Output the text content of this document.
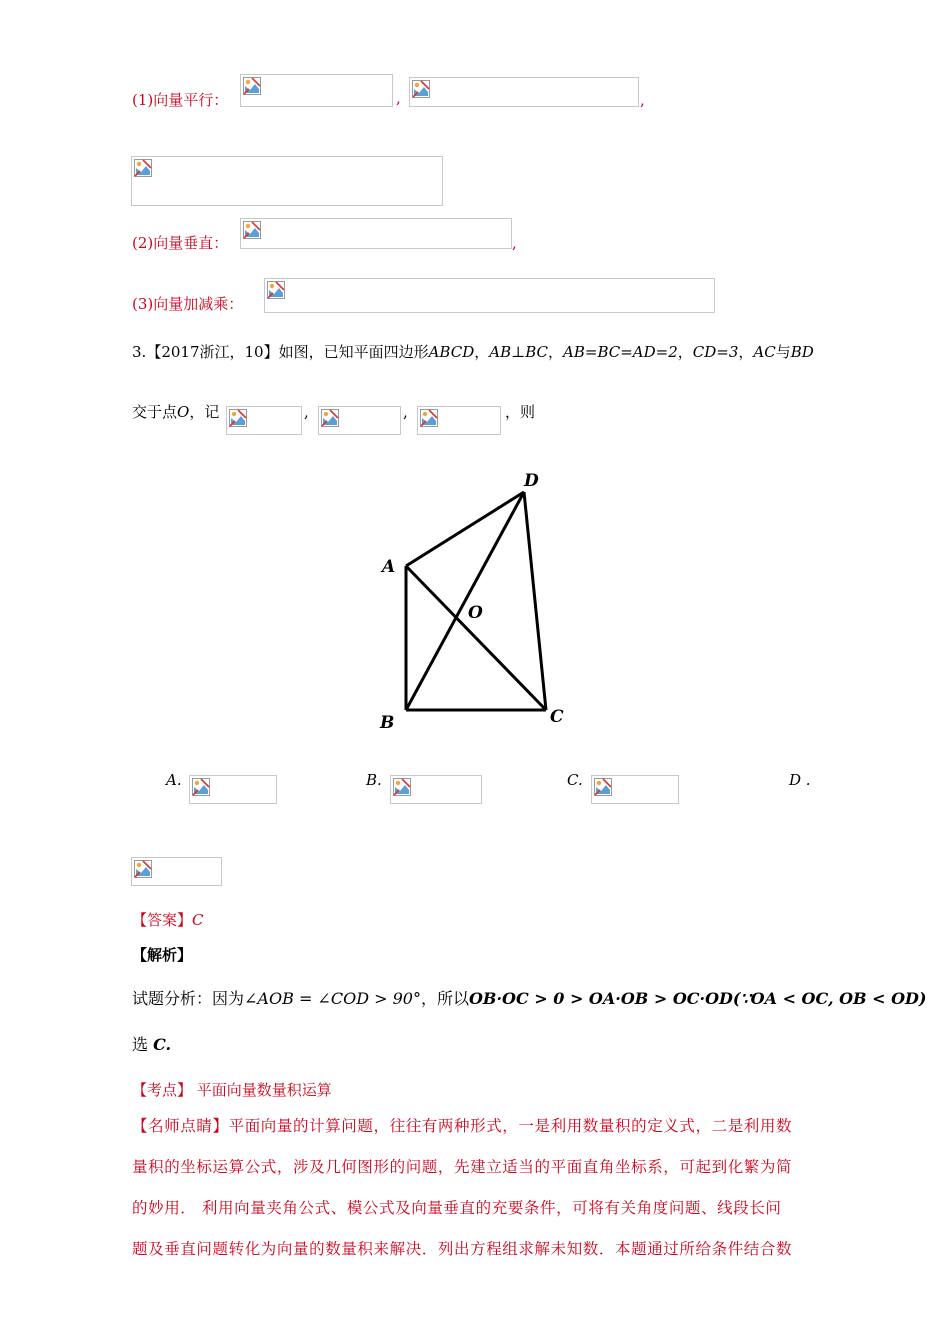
(1)向量平行：	,	,
(2)向量垂直：	,
(3)向量加减乘：
3.【2017浙江，10】如图，已知平面四边形ABCD，AB⊥BC，AB=BC=AD=2，CD=3，AC与BD
交于点O，记	,	,	，则
A
B	C
D
O
A.	B.	C.	D .
【答案】C
【解析】
试题分析：因为∠AOB = ∠COD > 90°，所以OB·OC > 0 > OA·OB > OC·OD(∵OA < OC, OB < OD)
选 C.
【考点】 平面向量数量积运算
【名师点睛】平面向量的计算问题，往往有两种形式，一是利用数量积的定义式，二是利用数
量积的坐标运算公式，涉及几何图形的问题，先建立适当的平面直角坐标系，可起到化繁为简
的妙用． 利用向量夹角公式、模公式及向量垂直的充要条件，可将有关角度问题、线段长问
题及垂直问题转化为向量的数量积来解决．列出方程组求解未知数．本题通过所给条件结合数
